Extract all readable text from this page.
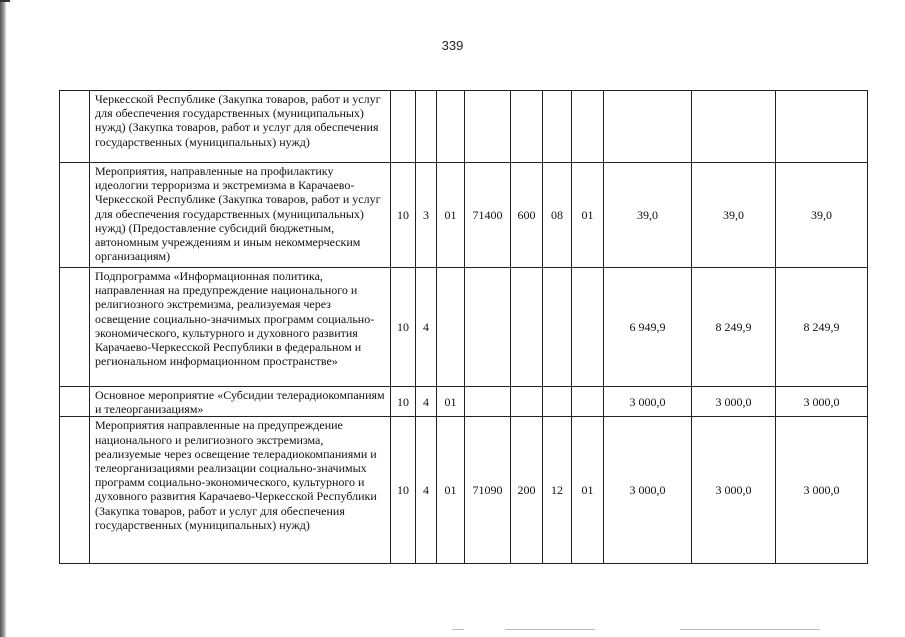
339
	Черкесской Республике (Закупка товаров, работ и услуг для обеспечения государственных (муниципальных) нужд) (Закупка товаров, работ и услуг для обеспечения государственных (муниципальных) нужд)										
	Мероприятия, направленные на профилактику идеологии терроризма и экстремизма в Карачаево-Черкесской Республике (Закупка товаров, работ и услуг для обеспечения государственных (муниципальных) нужд) (Предоставление субсидий бюджетным, автономным учреждениям и иным некоммерческим организациям)	10	3	01	71400	600	08	01	39,0	39,0	39,0
	Подпрограмма «Информационная политика, направленная на предупреждение национального и религиозного экстремизма, реализуемая через освещение социально-значимых программ социально-экономического, культурного и духовного развития Карачаево-Черкесской Республики в федеральном и региональном информационном пространстве»	10	4						6 949,9	8 249,9	8 249,9
	Основное мероприятие «Субсидии телерадиокомпаниям и телеорганизациям»	10	4	01					3 000,0	3 000,0	3 000,0
	Мероприятия направленные на предупреждение национального и религиозного экстремизма, реализуемые через освещение телерадиокомпаниями и телеорганизациями реализации социально-значимых программ социально-экономического, культурного и духовного развития Карачаево-Черкесской Республики (Закупка товаров, работ и услуг для обеспечения государственных (муниципальных) нужд)	10	4	01	71090	200	12	01	3 000,0	3 000,0	3 000,0
